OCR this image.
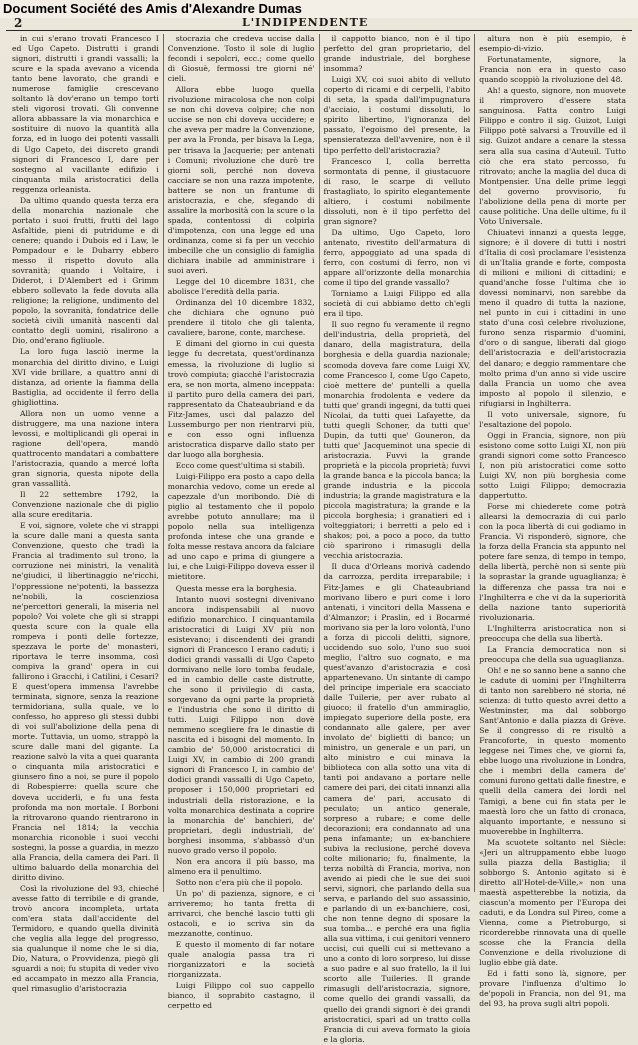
Document Société des Amis d'Alexandre Dumas
2	L'INDIPENDENTE

in cui s'erano trovati Francesco I ed Ugo Capeto. Distrutti i grandi signori, distrutti i grandi vassalli; la scure e la spada avevano a vicenda tanto bene lavorato, che grandi e numerose famiglie crescevano soltanto là dov'erano un tempo torti steli vigorosi trovati. Gli convenne allora abbassare la via monarchica e sostituire di nuovo la quantità alla forza, ed in luogo dei potenti vassalli di Ugo Capeto, dei discreto grandi signori di Francesco I, dare per sostegno al vacillante edifizio i cinquanta mila aristocratici della reggenza orleanista.

Da ultimo quando questa terza era della monarchia nazionale che portato i suoi frutti, frutti del lago Asfaltide, pieni di putridume e di cenere; quando i Dubois ed i Law, le Pompadour e le Dubarry ebbero messo il rispetto dovuto alla sovranità; quando i Voltaire, i Diderot, i D'Alembert ed i Grimm ebbero sollevato la fede dovuta alla religione; la religione, undimento del popolo, la sovranità, fondatrice delle società civili umanità nascenti dal contatto degli uomini, risalirono a Dio, ond'erano figliuole.

La loro fuga lasciò inerme la monarchia del diritto divino, e Luigi XVI vide brillare, a quattro anni di distanza, ad oriente la fiamma della Bastiglia, ad occidente il ferro della ghigliottina.

Allora non un uomo venne a distruggere, ma una nazione intera levossi, e moltiplicandi gli operai in ragione dell'opera, mandò quattrocento mandatari a combattere l'aristocrazia, quando a mercé lofta gran signoria, questa nipote della gran vassallità.

Il 22 settembre 1792, la Convenzione nazionale che di piglio alla scure ereditaria.

E voi, signore, volete che vi strappi la scure dalle mani a questa santa Convenzione, questo che tradì la Francia al tradimento sul trono, la corruzione nei ministri, la venalità ne'giudici, il libertinaggio ne'ricchi, l'oppressione ne'potenti, la bassezza ne'nobili, la coscienziosa ne'percettori generali, la miseria nel popolo? Voi volete che gli si strappi questa scure con la quale ella rompeva i ponti delle fortezze, spezzava le porte de' monasteri, riportava le terre insomma, così compiva la grand' opera in cui fallirono i Gracchi, i Catilini, i Cesari? E quest'opera immensa l'avrebbe terminata, signore, senza la reazione termidoriana, sulla quale, ve lo confesso, ho appreso gli stessi dubbi di voi sull'abolizione della pena di morte. Tuttavia, un uomo, strappò la scure dalle mani del gigante. La reazione salvò la vita a quei quaranta o cinquanta mila aristocratici e giunsero fino a noi, se pure il popolo di Robespierre: quella scure che doveva ucciderli, e fu una festa profonda ma non mortale. I Borboni la ritrovarono quando rientrarono in Francia nel 1814; la vecchia monarchia riconoble i suoi vecchi sostegni, la posse a guardia, in mezzo alla Francia, della camera dei Pari. Il ultimo baluardo della monarchia del diritto divino.

Così la rivoluzione del 93, chieché avesse fatto di terribile e di grande, trovò ancora incompleta, urtata com'era stata dall'accidente del Termidoro, e quando quella divinità che veglia alla legge del progresso, sia qualunque il nome che le si dia, Dio, Natura, o Provvidenza, piegò gli sguardi a noi; fu stupita di veder vivo ed accampato in mezzo alla Francia, quel rimasuglio d'aristocrazia

stocrazia che credeva uccise dalla Convenzione. Tosto il sole di luglio fecondi i sepolcri, ecc.; come quello di Giosuè, fermossi tre giorni né' cieli.

Allora ebbe luogo quella rivoluzione miracolosa che non colpi se non chi doveva colpire; che non uccise se non chi doveva uccidere; e che aveva per madre la Convenzione, per ava la Fronda, per bisava la Lega, per trisava la Jacquerie; per antenati i Comuni; rivoluzione che durò tre giorni soli, perché non doveva cacciare se non una razza impotente, battere se non un frantume di aristocrazia, e che, sfegando di assalire la morbosità con la scure o la spada, contentossi di colpirla d'impotenza, con una legge ed una ordinanza, come si fa per un vecchio imbecille che un consiglio di famiglia dichiara inabile ad amministrare i suoi averi.

Legge del 10 dicembre 1831, che abolisce l'eredità della paria.

Ordinanza del 10 dicembre 1832, che dichiara che ognuno può prendere il titolo che gli talenta, cavaliere, barone, conte, marchese.

E dimani del giorno in cui questa legge fu decretata, quest'ordinanza emessa, la rivoluzione di luglio si trovò compiuta; giacché l'aristocrazia era, se non morta, almeno inceppata: il partito puro della camera dei pari, rappresentato da Chateaubriand e da Fitz-James, usci dal palazzo del Lussemburgo per non rientrarvi più, e con esso ogni influenza aristocratica disparve dallo stato per dar luogo alla borghesia.

Ecco come quest'ultima si stabilì.

Luigi-Filippo era posto a capo della monarchia vedovo, come un erede al capezzale d'un moribondo. Diè di piglio al testamento che il popolo avrebbe potuto annullare; ma il popolo nella sua intelligenza profonda intese che una grande e folta messe restava ancora da falciare ad uno capo e prima di giungere a lui, e che Luigi-Filippo doveva esser il mietitore.

Questa messe era la borghesia.

Intanto nuovi sostegni divenivano ancora indispensabili al nuovo edifizio monarchico. I cinquantamila aristocratici di Luigi XV più non esistevano; i discendenti dei grandi signori di Francesco I erano caduti; i dodici grandi vassalli di Ugo Capeto dormivano nelle loro tomba feudale, ed in cambio delle caste distrutte, che sono il privilegio di casta, sorgevano da ogni parte la proprietà e l'industria che sono il diritto di tutti. Luigi Filippo non dovè nemmeno scegliere fra le dinastie di nascita ed i bisogni del momento. In cambio de' 50,000 aristocratici di Luigi XV, in cambio di 200 grandi signori di Francesco I, in cambio de' dodici grandi vassalli di Ugo Capeto, proposer i 150,000 proprietari ed industriali della ristorazione, e la volta monarchica destinata a coprire la monarchia de' banchieri, de' proprietari, degli industriali, de' borghesi insomma, s'abbassò d'un nuovo grado verso il popolo.

Non era ancora il più basso, ma almeno era il penultimo.

Sotto non c'era più che il popolo.

Un po' di pazienza, signore, e ci arriveremo; ho tanta fretta di arrivarci, che benché lascio tutti gli ostacoli, e io scriva sin da mezzanotte, continuo.

E questo il momento di far notare quale analogia passa tra ri riorganizzatori e la società riorganizzata.

Luigi Filippo col suo cappello bianco, il soprabito castagno, il cerpetto ed

il cappotto bianco, non è il tipo perfetto del gran proprietario, del grande industriale, del borghese insomma?

Luigi XV, coi suoi abito di velluto coperto di ricami e di cerpelli, l'abito di seta, la spada dall'impugnatura d'acciaio, i costumi dissoluti, lo spirito libertino, l'ignoranza del passato, l'egoismo del presente, la spensieratezza dell'avvenire, non è il tipo perfetto dell'aristocrazia?

Francesco I, colla berretta sormontata di penne, il giustacuore di raso, le scarpe di velluto frastagliato, lo spirito elegantemente altiero, i costumi nobilmente dissoluti, non è il tipo perfetto del gran signore?

Da ultimo, Ugo Capeto, loro antenato, rivestito dell'armatura di ferro, appoggiato ad una spada di ferro, con costumi di ferro, non vi appare all'orizzonte della monarchia come il tipo del grande vassallo?

Torniamo a Luigi Filippo ed alla società di cui abbiamo detto ch'egli era il tipo.

Il suo regno fu veramente il regno dell'industria, della proprietà, del danaro, della magistratura, della borghesia e della guardia nazionale; scomoda doveva fare come Luigi XV, come Francesco I, come Ugo Capeto, cioè mettere de' puntelli a quella monarchia frodolenta e vedere da tutti que' grandi ingegni, da tutti quei Nicolai, da tutti quei Lafayette, da tutti quegli Schoner, da tutti que' Dupin, da tutti que' Gouneron, da tutti que' Jacqueminot una specie di aristocrazia. Fuvvi la grande proprietà e la piccola proprietà; fuvvi la grande banca e la piccola banca; la grande industria e la piccola industria; la grande magistratura e la piccola magistratura; la grande e la piccola borghesia; i granatieri ed i volteggiatori; i berretti a pelo ed i shakos; poi, a poco a poco, da tutto ciò sparirono i rimasugli della vecchia aristocrazia.

Il duca d'Orleans morivà cadendo da carrozza, perdita irreparabile; i Fitz-James e gli Chateaubriand morivano libero e puri come i loro antenati, i vincitori della Massena e d'Almanzor; i Praslin, ed i Bocarmé morivano sia per la loro volontà, l'uno a forza di piccoli delitti, signore, uccidendo suo solo, l'uno suo suoi meglio, l'altro suo cognato, e ma quest'avanzo d'aristocrazia e così appartenevano. Un sintante di campo del principe imperiale era scacciato dalle Tuilerie, per aver rubato al giuoco; il fratello d'un ammiraglio, impiegato superiore della poste, era condannato alle galere, per aver involato de' biglietti di banco; un ministro, un generale e un pari, un alto ministro e cui minava la biblioteca con alla sotto una vita di tanti poi andavano a portare nelle camere dei pari, dei citati innanzi alla camera de' pari, accusato di peculato; un antico generale, sorpreso a rubare; e come delle decorazioni; era condannato ad una pena infamante; un ex-banchiere subiva la reclusione, perché doveva colte milionario; fu, finalmente, la terza nobiltà di Francia, moriva, non avendo ai piedi che le sue dei suoi servi, signori, che parlando della sua serva, e parlando del suo assassinio, e parlando di un ex-banchiere, così, che non tenne degno di sposare la sua tomba... e perché era una figlia alla sua vittima, i cui genitori vennero uccisi, cui quelli cui si mettevano a uno a conto di loro sorpreso, lui disse a suo padre e al suo fratello, la il lui scorto alle Tuileries. Il grande rimasugli dell'aristocrazia, signore, come quello dei grandi vassalli, da quello dei grandi signori è dei grandi aristocratici, sparì ad un tratto colla Francia di cui aveva formato la gioia e la gloria.

altura non è più esempio, è esempio-di-vizio.

Fortunatamente, signore, la Francia non era in questo caso quando scoppiò la rivoluzione del 48.

Ah! a questo, signore, non muovete il rimprovero d'essere stata sanguinosa. Fatta contro Luigi Filippo e contro il sig. Guizot, Luigi Filippo potè salvarsi a Trouville ed il sig. Guizot andare a cenare la stessa sera alla sua casina d'Auteuil. Tutto ciò che era stato percosso, fu ritrovato; anche la maglia del duca di Montpensier. Una delle prime leggi del governo provvisorio, fu l'abolizione della pena di morte per cause politiche. Una delle ultime, fu il Voto Universale.

Chiuatevi innanzi a questa legge, signore; è il dovere di tutti i nostri d'Italia di così proclamare l'esistenza di un'Italia grande e forte, composta di milioni e milioni di cittadini; e quand'anche fosse l'ultima che io dovessi nominarvi, non sarebbe da meno il quadro di tutta la nazione, nel punto in cui i cittadini in uno stato d'una così celebre rivoluzione, furono senza risparmio d'uomini, d'oro o di sangue, liberati dal giogo dell'aristocrazia e dell'aristocrazia del danaro; e deggio rammentare che molto prima d'un anno si vide uscire dalla Francia un uomo che avea imposto al popolo il silenzio, e rifugiarsi in Inghilterra.

Il voto universale, signore, fu l'esaltazione del popolo.

Oggi in Francia, signore, non più esistono come sotto Luigi XI, non più grandi signori come sotto Francesco I, non più aristocratici come sotto Luigi XV, non più borghesia come sotto Luigi Filippo; democrazia dappertutto.

Forse mi chiederete come potrà allearsi la democrazia di cui parlo con la poca libertà di cui godiamo in Francia. Vi risponderò, signore, che la forza della Francia sta appunto nel potere fare senza, di tempo in tempo, della libertà, perchè non si sente più la soprastar la grande uguaglianza; è la differenza che passa tra noi e l'Inghilterra e che vi da la superiorità della nazione tanto superiorità rivoluzionaria.

L'Inghilterra aristocratica non si preoccupa che della sua libertà.

La Francia democratica non si preoccupa che della sua uguaglianza.

Oh! e ne so sanno bene a sanno che le cadute di uomini per l'Inghilterra di tanto non sarebbero né storia, né scienza: di tutto questo avrei detto a Westminster, ma dal sobborgo Sant'Antonio e dalla piazza di Grève. Se il congresso di re risultò a Francoforte, in questo momento leggese nei Times che, ve giorni fa, ebbe luogo una rivoluzione in Londra, che i membri della camera de' comuni furono gettati dalle finestre, e quelli della camera dei lordi nel Tamigi, a bene cui fin stata per le maestà loro che un fatto di cronaca, alquanto importante, e nessuno si muoverebbe in Inghilterra.

Ma scuotete soltanto nel Siècle: «Jeri un altruppamento ebbe luogo sulla piazza della Bastiglia; il sobborgo S. Antonio agitato si è diretto all'Hotel-de-Ville,» non una maestà aspetterebbe la notizia, da ciascun'a momento per l'Europa dei caduti, e da Londra sul Pireo, come a Vienna, come a Pietroburgo, si ricorderebbe rinnovata una di quelle scosse che la Francia della Convenzione e della rivoluzione di luglio ebbe già date.

Ed i fatti sono là, signore, per provare l'influenza d'ultimo lo de'popoli in Francia, non del 91, ma del 93, ha prova sugli altri popoli.
